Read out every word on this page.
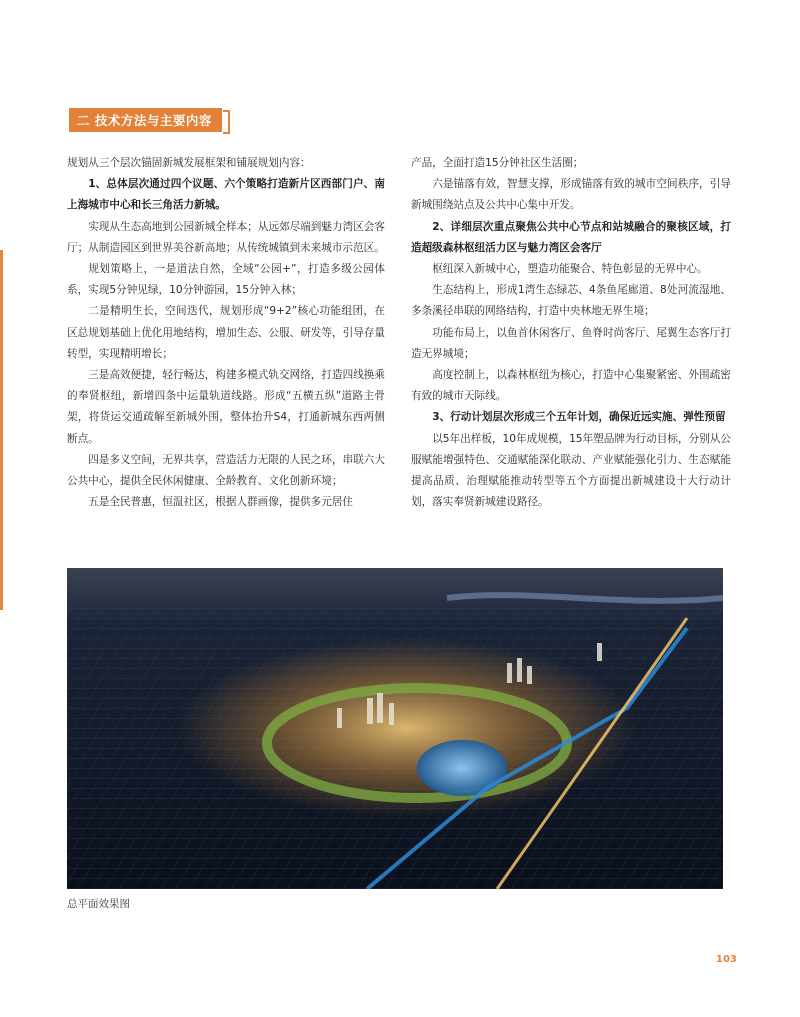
二 技术方法与主要内容

规划从三个层次锚固新城发展框架和铺展规划内容：

1、总体层次通过四个议题、六个策略打造新片区西部门户、南上海城市中心和长三角活力新城。

实现从生态高地到公园新城全样本；从远郊尽端到魅力湾区会客厅；从制造园区到世界美谷新高地；从传统城镇到未来城市示范区。

规划策略上，一是道法自然，全域“公园+”，打造多级公园体系，实现5分钟见绿，10分钟游园，15分钟入林；

二是精明生长，空间迭代，规划形成“9+2”核心功能组团，在区总规划基础上优化用地结构，增加生态、公服、研发等，引导存量转型，实现精明增长；

三是高效便捷，轻行畅达，构建多模式轨交网络，打造四线换乘的奉贤枢纽，新增四条中运量轨道线路。形成“五横五纵”道路主骨架，将货运交通疏解至新城外围，整体抬升S4，打通新城东西两侧断点。

四是多义空间，无界共享，营造活力无限的人民之环，串联六大公共中心，提供全民休闲健康、全龄教育、文化创新环境；

五是全民普惠，恒温社区，根据人群画像，提供多元居住

产品，全面打造15分钟社区生活圈；

六是锚落有效，智慧支撑，形成锚落有致的城市空间秩序，引导新城围绕站点及公共中心集中开发。

2、详细层次重点聚焦公共中心节点和站城融合的聚核区域，打造超级森林枢纽活力区与魅力湾区会客厅

枢纽深入新城中心，塑造功能聚合、特色彰显的无界中心。

生态结构上，形成1湾生态绿芯、4条鱼尾廊道、8处河流湿地、多条溪径串联的网络结构，打造中央林地无界生境；

功能布局上，以鱼首休闲客厅、鱼脊时尚客厅、尾翼生态客厅打造无界城境；

高度控制上，以森林枢纽为核心，打造中心集聚紧密、外围疏密有致的城市天际线。

3、行动计划层次形成三个五年计划，确保近远实施、弹性预留

以5年出样板，10年成规模，15年塑品牌为行动目标，分别从公服赋能增强特色、交通赋能深化联动、产业赋能强化引力、生态赋能提高品质、治理赋能推动转型等五个方面提出新城建设十大行动计划，落实奉贤新城建设路径。

总平面效果图
103
